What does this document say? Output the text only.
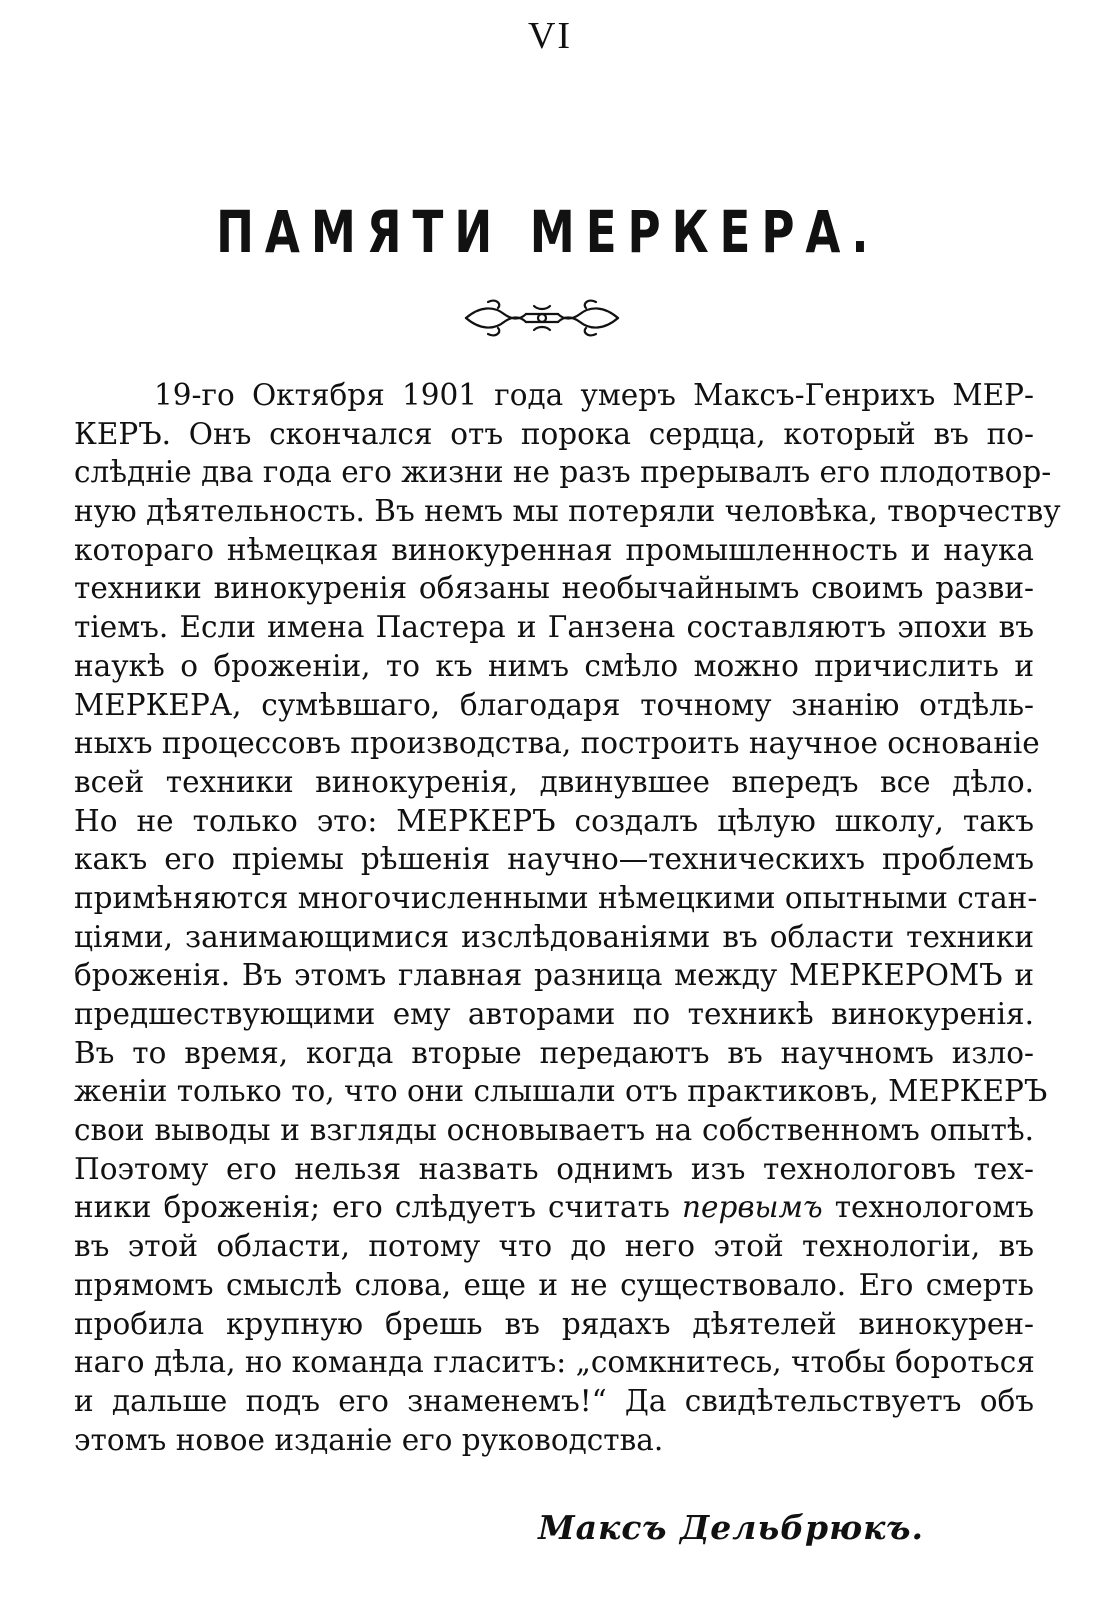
VI
ПАМЯТИ МЕРКЕРА.
19-го Октября 1901 года умеръ Максъ-Генрихъ МЕР-
КЕРЪ. Онъ скончался отъ порока сердца, который въ по-
слѣдніе два года его жизни не разъ прерывалъ его плодотвор-
ную дѣятельность. Въ немъ мы потеряли человѣка, творчеству
котораго нѣмецкая винокуренная промышленность и наука
техники винокуренія обязаны необычайнымъ своимъ разви-
тіемъ. Если имена Пастера и Ганзена составляютъ эпохи въ
наукѣ о броженіи, то къ нимъ смѣло можно причислить и
МЕРКЕРА, сумѣвшаго, благодаря точному знанію отдѣль-
ныхъ процессовъ производства, построить научное основаніе
всей техники винокуренія, двинувшее впередъ все дѣло.
Но не только это: МЕРКЕРЪ создалъ цѣлую школу, такъ
какъ его пріемы рѣшенія научно—техническихъ проблемъ
примѣняются многочисленными нѣмецкими опытными стан-
ціями, занимающимися изслѣдованіями въ области техники
броженія. Въ этомъ главная разница между МЕРКЕРОМЪ и
предшествующими ему авторами по техникѣ винокуренія.
Въ то время, когда вторые передаютъ въ научномъ изло-
женіи только то, что они слышали отъ практиковъ, МЕРКЕРЪ
свои выводы и взгляды основываетъ на собственномъ опытѣ.
Поэтому его нельзя назвать однимъ изъ технологовъ тех-
ники броженія; его слѣдуетъ считать первымъ технологомъ
въ этой области, потому что до него этой технологіи, въ
прямомъ смыслѣ слова, еще и не существовало. Его смерть
пробила крупную брешь въ рядахъ дѣятелей винокурен-
наго дѣла, но команда гласитъ: „сомкнитесь, чтобы бороться
и дальше подъ его знаменемъ!“ Да свидѣтельствуетъ объ
этомъ новое изданіе его руководства.
Максъ Дельбрюкъ.
